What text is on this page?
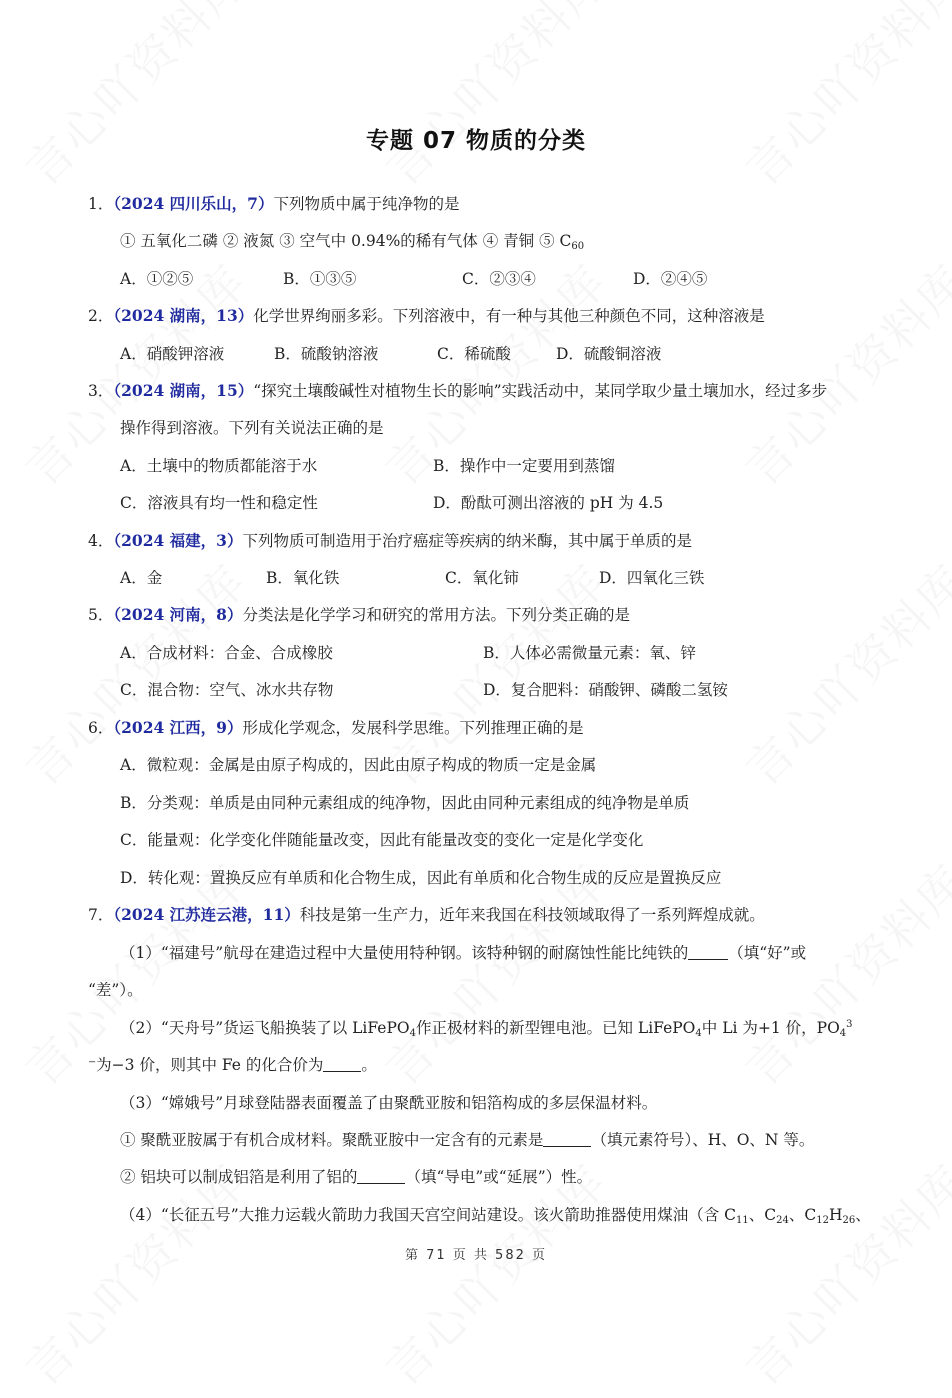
专题 07 物质的分类
1．（2024 四川乐山，7）下列物质中属于纯净物的是
① 五氧化二磷 ② 液氮 ③ 空气中 0.94%的稀有气体 ④ 青铜 ⑤ $C_{60}$
A．①②⑤	B．①③⑤	C．②③④	D．②④⑤
2．（2024 湖南，13）化学世界绚丽多彩。下列溶液中，有一种与其他三种颜色不同，这种溶液是
A．硝酸钾溶液	B．硫酸钠溶液	C．稀硫酸	D．硫酸铜溶液
3．（2024 湖南，15）“探究土壤酸碱性对植物生长的影响”实践活动中，某同学取少量土壤加水，经过多步
操作得到溶液。下列有关说法正确的是
A．土壤中的物质都能溶于水	B．操作中一定要用到蒸馏
C．溶液具有均一性和稳定性	D．酚酞可测出溶液的 pH 为 4.5
4．（2024 福建，3）下列物质可制造用于治疗癌症等疾病的纳米酶，其中属于单质的是
A．金	B．氧化铁	C．氧化铈	D．四氧化三铁
5．（2024 河南，8）分类法是化学学习和研究的常用方法。下列分类正确的是
A．合成材料：合金、合成橡胶	B．人体必需微量元素：氧、锌
C．混合物：空气、冰水共存物	D．复合肥料：硝酸钾、磷酸二氢铵
6．（2024 江西，9）形成化学观念，发展科学思维。下列推理正确的是
A．微粒观：金属是由原子构成的，因此由原子构成的物质一定是金属
B．分类观：单质是由同种元素组成的纯净物，因此由同种元素组成的纯净物是单质
C．能量观：化学变化伴随能量改变，因此有能量改变的变化一定是化学变化
D．转化观：置换反应有单质和化合物生成，因此有单质和化合物生成的反应是置换反应
7．（2024 江苏连云港，11）科技是第一生产力，近年来我国在科技领域取得了一系列辉煌成就。
（1）“福建号”航母在建造过程中大量使用特种钢。该特种钢的耐腐蚀性能比纯铁的	（填“好”或
“差”）。
（2）“天舟号”货运飞船换装了以 LiFePO$_4$作正极材料的新型锂电池。已知 LiFePO$_4$中 Li 为+1 价，$PO_4^3$
⁻为−3 价，则其中 Fe 的化合价为 。
（3）“嫦娥号”月球登陆器表面覆盖了由聚酰亚胺和铝箔构成的多层保温材料。
① 聚酰亚胺属于有机合成材料。聚酰亚胺中一定含有的元素是	（填元素符号）、H、O、N 等。
② 铝块可以制成铝箔是利用了铝的	（填“导电”或“延展”）性。
（4）“长征五号”大推力运载火箭助力我国天宫空间站建设。该火箭助推器使用煤油（含 $C_{11}$、$C_{24}$、$C_{12}H_{26}$、
第 71 页 共 582 页
